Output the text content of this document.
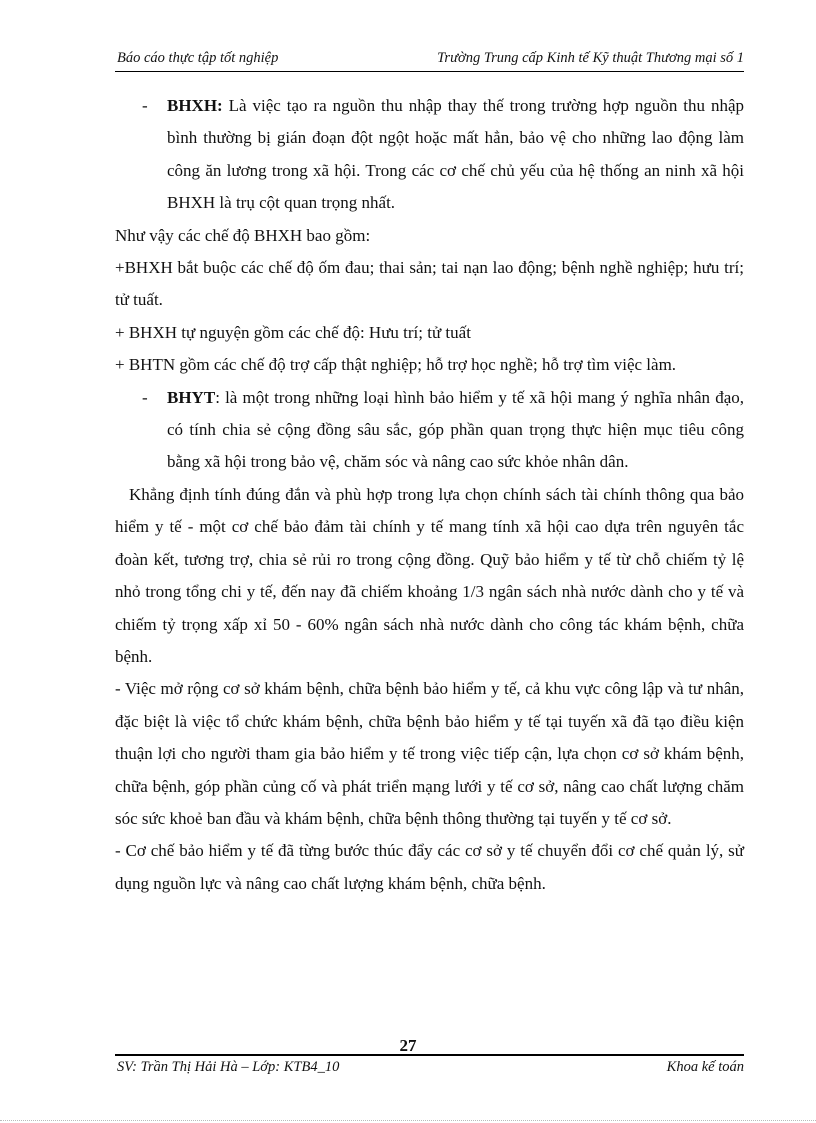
Báo cáo thực tập tốt nghiệp	Trường Trung cấp Kinh tế Kỹ thuật Thương mại số 1

- BHXH: Là việc tạo ra nguồn thu nhập thay thế trong trường hợp nguồn thu nhập bình thường bị gián đoạn đột ngột hoặc mất hẳn, bảo vệ cho những lao động làm công ăn lương trong xã hội. Trong các cơ chế chủ yếu của hệ thống an ninh xã hội BHXH là trụ cột quan trọng nhất.

Như vậy các chế độ BHXH bao gồm:

+BHXH bắt buộc các chế độ ốm đau; thai sản; tai nạn lao động; bệnh nghề nghiệp; hưu trí; tử tuất.

+ BHXH tự nguyện gồm các chế độ: Hưu trí; tử tuất

+ BHTN gồm các chế độ trợ cấp thật nghiệp; hỗ trợ học nghề; hỗ trợ tìm việc làm.

- BHYT: là một trong những loại hình bảo hiểm y tế xã hội mang ý nghĩa nhân đạo, có tính chia sẻ cộng đồng sâu sắc, góp phần quan trọng thực hiện mục tiêu công bằng xã hội trong bảo vệ, chăm sóc và nâng cao sức khỏe nhân dân.

Khẳng định tính đúng đắn và phù hợp trong lựa chọn chính sách tài chính thông qua bảo hiểm y tế - một cơ chế bảo đảm tài chính y tế mang tính xã hội cao dựa trên nguyên tắc đoàn kết, tương trợ, chia sẻ rủi ro trong cộng đồng. Quỹ bảo hiểm y tế từ chỗ chiếm tỷ lệ nhỏ trong tổng chi y tế, đến nay đã chiếm khoảng 1/3 ngân sách nhà nước dành cho y tế và chiếm tỷ trọng xấp xỉ 50 - 60% ngân sách nhà nước dành cho công tác khám bệnh, chữa bệnh.

- Việc mở rộng cơ sở khám bệnh, chữa bệnh bảo hiểm y tế, cả khu vực công lập và tư nhân, đặc biệt là việc tổ chức khám bệnh, chữa bệnh bảo hiểm y tế tại tuyến xã đã tạo điều kiện thuận lợi cho người tham gia bảo hiểm y tế trong việc tiếp cận, lựa chọn cơ sở khám bệnh, chữa bệnh, góp phần củng cố và phát triển mạng lưới y tế cơ sở, nâng cao chất lượng chăm sóc sức khoẻ ban đầu và khám bệnh, chữa bệnh thông thường tại tuyến y tế cơ sở.

- Cơ chế bảo hiểm y tế đã từng bước thúc đẩy các cơ sở y tế chuyển đổi cơ chế quản lý, sử dụng nguồn lực và nâng cao chất lượng khám bệnh, chữa bệnh.

27
SV: Trần Thị Hải Hà – Lớp: KTB4_10	Khoa kế toán
